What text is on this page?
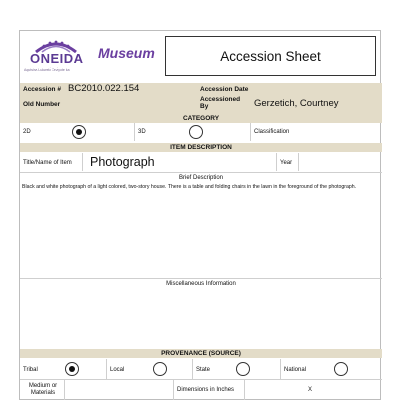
ONEIDA
Aqutsinʌ Lukwelʌ́ Ɔnʌ́yote ka
Museum	Accession Sheet
Accession # BC2010.022.154	Accession Date
Old Number
Accessioned By	Gerzetich, Courtney
CATEGORY
2D	3D	Classification
ITEM DESCRIPTION
Title/Name of Item Photograph	Year
Brief Description
Black and white photograph of a light colored, two-story house. There is a table and folding chairs in the lawn in the foreground of the photograph.
Miscellaneous Information
PROVENANCE (SOURCE)
Tribal	Local	State	National
Medium or Materials	Dimensions in Inches	X
